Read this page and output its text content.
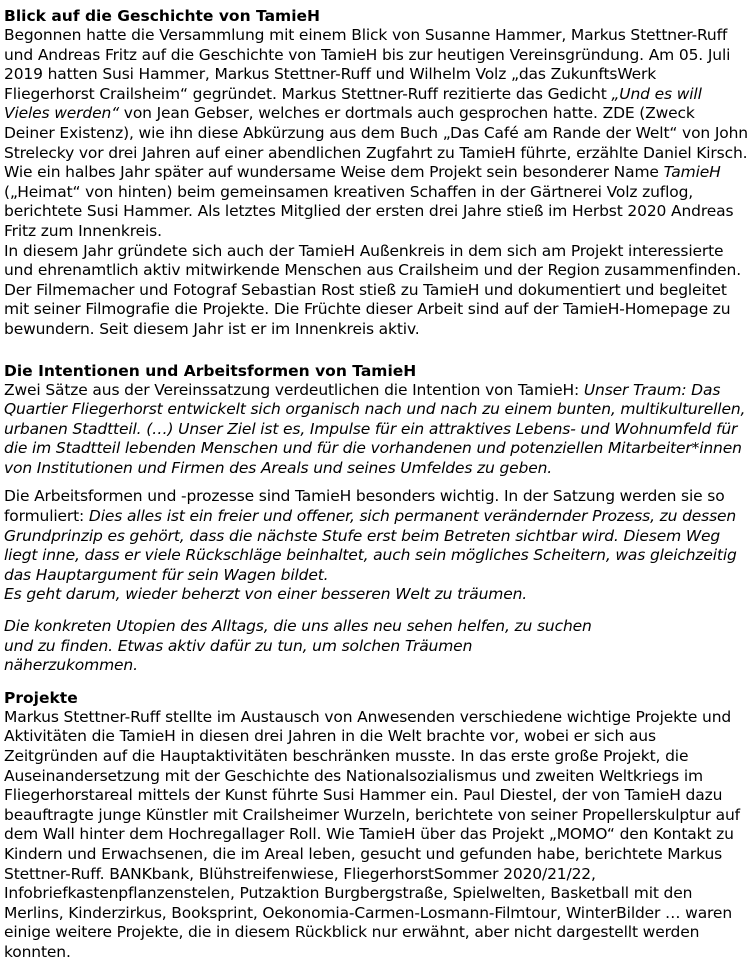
Blick auf die Geschichte von TamieH

Begonnen hatte die Versammlung mit einem Blick von Susanne Hammer, Markus Stettner-Ruff und Andreas Fritz auf die Geschichte von TamieH bis zur heutigen Vereinsgründung. Am 05. Juli 2019 hatten Susi Hammer, Markus Stettner-Ruff und Wilhelm Volz „das ZukunftsWerk Fliegerhorst Crailsheim“ gegründet. Markus Stettner-Ruff rezitierte das Gedicht „Und es will Vieles werden“ von Jean Gebser, welches er dortmals auch gesprochen hatte. ZDE (Zweck Deiner Existenz), wie ihn diese Abkürzung aus dem Buch „Das Café am Rande der Welt“ von John Strelecky vor drei Jahren auf einer abendlichen Zugfahrt zu TamieH führte, erzählte Daniel Kirsch. Wie ein halbes Jahr später auf wundersame Weise dem Projekt sein besonderer Name TamieH („Heimat“ von hinten) beim gemeinsamen kreativen Schaffen in der Gärtnerei Volz zuflog, berichtete Susi Hammer. Als letztes Mitglied der ersten drei Jahre stieß im Herbst 2020 Andreas Fritz zum Innenkreis.

In diesem Jahr gründete sich auch der TamieH Außenkreis in dem sich am Projekt interessierte und ehrenamtlich aktiv mitwirkende Menschen aus Crailsheim und der Region zusammenfinden.

Der Filmemacher und Fotograf Sebastian Rost stieß zu TamieH und dokumentiert und begleitet mit seiner Filmografie die Projekte. Die Früchte dieser Arbeit sind auf der TamieH-Homepage zu bewundern. Seit diesem Jahr ist er im Innenkreis aktiv.

Die Intentionen und Arbeitsformen von TamieH

Zwei Sätze aus der Vereinssatzung verdeutlichen die Intention von TamieH: Unser Traum: Das Quartier Fliegerhorst entwickelt sich organisch nach und nach zu einem bunten, multikulturellen, urbanen Stadtteil. (…) Unser Ziel ist es, Impulse für ein attraktives Lebens- und Wohnumfeld für die im Stadtteil lebenden Menschen und für die vorhandenen und potenziellen Mitarbeiter*innen von Institutionen und Firmen des Areals und seines Umfeldes zu geben.

Die Arbeitsformen und -prozesse sind TamieH besonders wichtig. In der Satzung werden sie so formuliert: Dies alles ist ein freier und offener, sich permanent verändernder Prozess, zu dessen Grundprinzip es gehört, dass die nächste Stufe erst beim Betreten sichtbar wird. Diesem Weg liegt inne, dass er viele Rückschläge beinhaltet, auch sein mögliches Scheitern, was gleichzeitig das Hauptargument für sein Wagen bildet.

Es geht darum, wieder beherzt von einer besseren Welt zu träumen.

Die konkreten Utopien des Alltags, die uns alles neu sehen helfen, zu suchen

und zu finden. Etwas aktiv dafür zu tun, um solchen Träumen

näherzukommen.

Projekte

Markus Stettner-Ruff stellte im Austausch von Anwesenden verschiedene wichtige Projekte und Aktivitäten die TamieH in diesen drei Jahren in die Welt brachte vor, wobei er sich aus Zeitgründen auf die Hauptaktivitäten beschränken musste. In das erste große Projekt, die Auseinandersetzung mit der Geschichte des Nationalsozialismus und zweiten Weltkriegs im Fliegerhorstareal mittels der Kunst führte Susi Hammer ein. Paul Diestel, der von TamieH dazu beauftragte junge Künstler mit Crailsheimer Wurzeln, berichtete von seiner Propellerskulptur auf dem Wall hinter dem Hochregallager Roll. Wie TamieH über das Projekt „MOMO“ den Kontakt zu Kindern und Erwachsenen, die im Areal leben, gesucht und gefunden habe, berichtete Markus Stettner-Ruff. BANKbank, Blühstreifenwiese, FliegerhorstSommer 2020/21/22, Infobriefkastenpflanzenstelen, Putzaktion Burgbergstraße, Spielwelten, Basketball mit den Merlins, Kinderzirkus, Booksprint, Oekonomia-Carmen-Losmann-Filmtour, WinterBilder … waren einige weitere Projekte, die in diesem Rückblick nur erwähnt, aber nicht dargestellt werden konnten.
